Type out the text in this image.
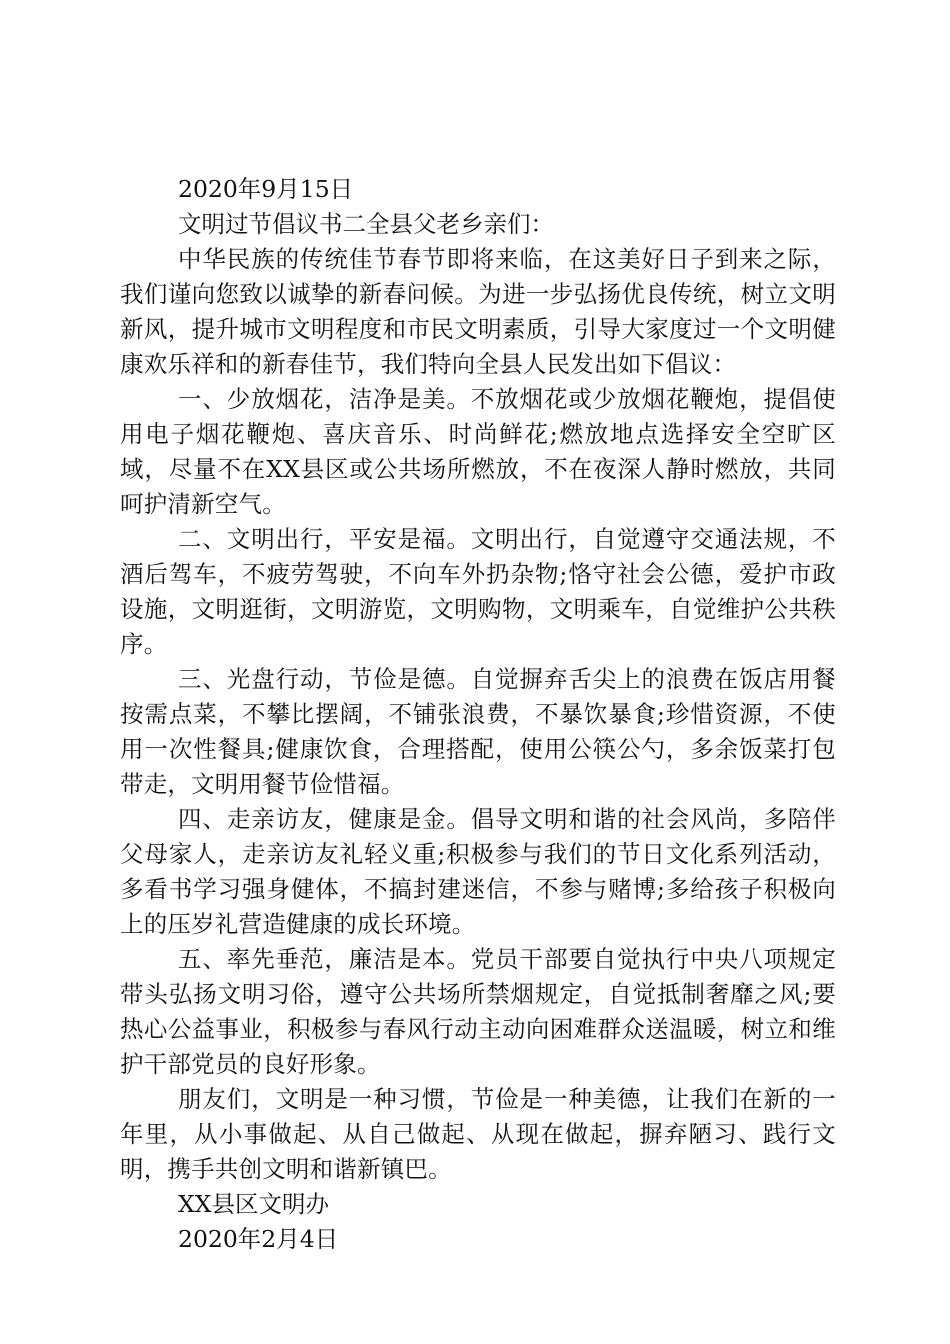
2020年9月15日

文明过节倡议书二全县父老乡亲们：

中华民族的传统佳节春节即将来临，在这美好日子到来之际，我们谨向您致以诚挚的新春问候。为进一步弘扬优良传统，树立文明新风，提升城市文明程度和市民文明素质，引导大家度过一个文明健康欢乐祥和的新春佳节，我们特向全县人民发出如下倡议：

一、少放烟花，洁净是美。不放烟花或少放烟花鞭炮，提倡使用电子烟花鞭炮、喜庆音乐、时尚鲜花;燃放地点选择安全空旷区域，尽量不在XX县区或公共场所燃放，不在夜深人静时燃放，共同呵护清新空气。

二、文明出行，平安是福。文明出行，自觉遵守交通法规，不酒后驾车，不疲劳驾驶，不向车外扔杂物;恪守社会公德，爱护市政设施，文明逛街，文明游览，文明购物，文明乘车，自觉维护公共秩序。

三、光盘行动，节俭是德。自觉摒弃舌尖上的浪费在饭店用餐按需点菜，不攀比摆阔，不铺张浪费，不暴饮暴食;珍惜资源，不使用一次性餐具;健康饮食，合理搭配，使用公筷公勺，多余饭菜打包带走，文明用餐节俭惜福。

四、走亲访友，健康是金。倡导文明和谐的社会风尚，多陪伴父母家人，走亲访友礼轻义重;积极参与我们的节日文化系列活动，多看书学习强身健体，不搞封建迷信，不参与赌博;多给孩子积极向上的压岁礼营造健康的成长环境。

五、率先垂范，廉洁是本。党员干部要自觉执行中央八项规定带头弘扬文明习俗，遵守公共场所禁烟规定，自觉抵制奢靡之风;要热心公益事业，积极参与春风行动主动向困难群众送温暖，树立和维护干部党员的良好形象。

朋友们，文明是一种习惯，节俭是一种美德，让我们在新的一年里，从小事做起、从自己做起、从现在做起，摒弃陋习、践行文明，携手共创文明和谐新镇巴。

XX县区文明办

2020年2月4日
